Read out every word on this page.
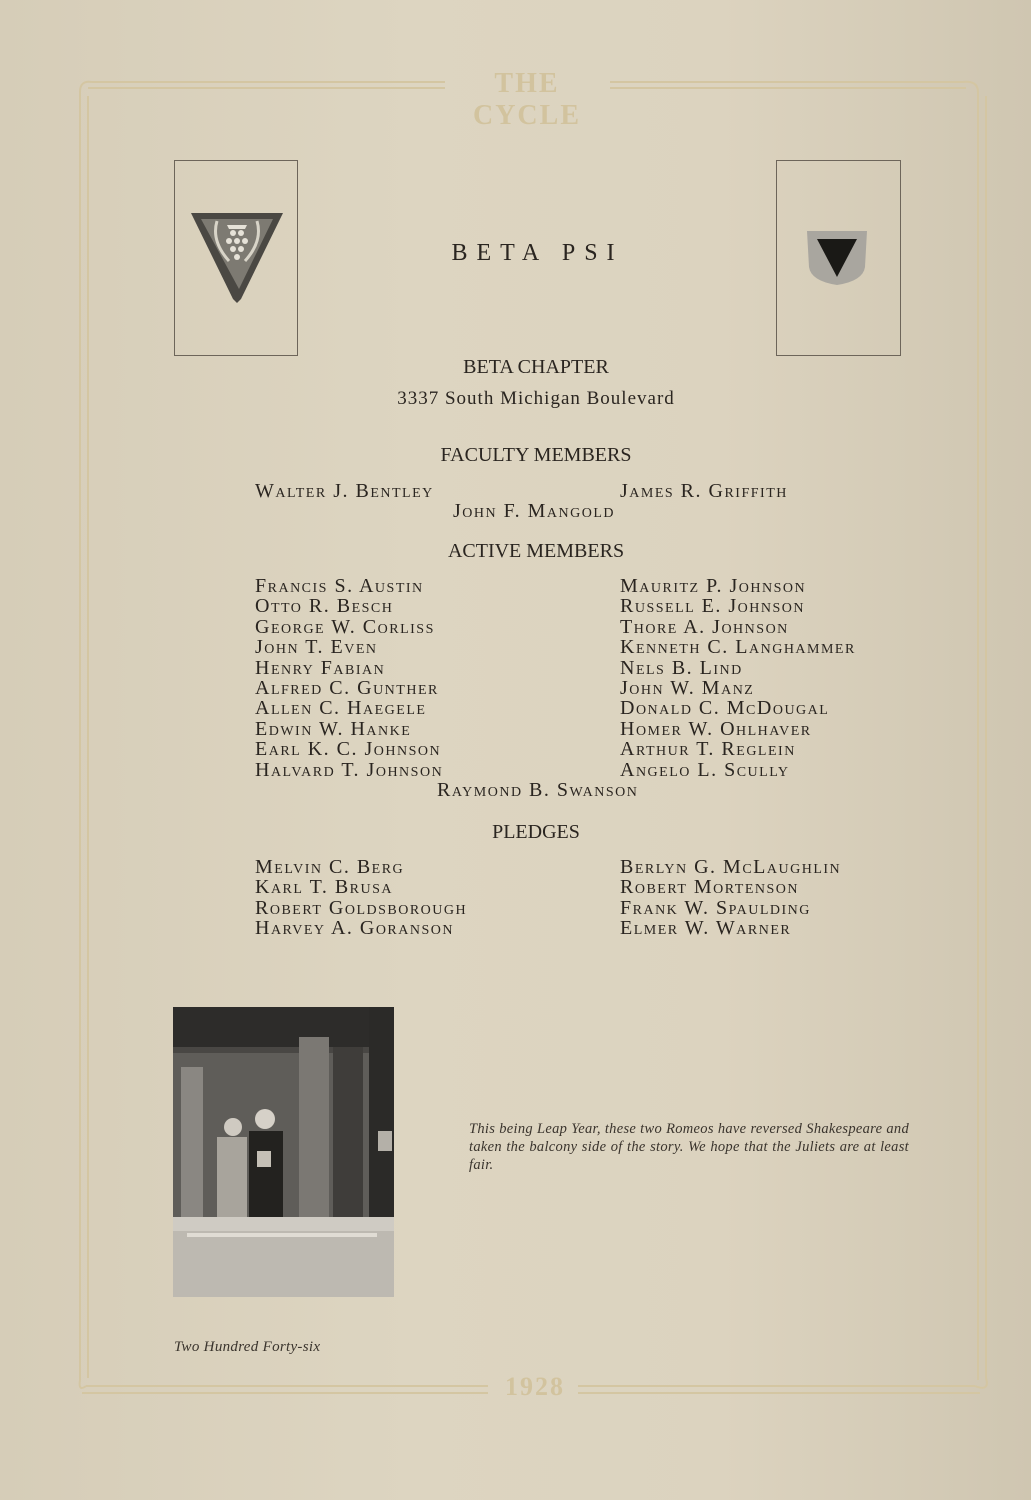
THE CYCLE
1928
BETA PSI
BETA CHAPTER
3337 South Michigan Boulevard
FACULTY MEMBERS
Walter J. Bentley	James R. Griffith
John F. Mangold
ACTIVE MEMBERS
Francis S. Austin
Otto R. Besch
George W. Corliss
John T. Even
Henry Fabian
Alfred C. Gunther
Allen C. Haegele
Edwin W. Hanke
Earl K. C. Johnson
Halvard T. Johnson
Mauritz P. Johnson
Russell E. Johnson
Thore A. Johnson
Kenneth C. Langhammer
Nels B. Lind
John W. Manz
Donald C. McDougal
Homer W. Ohlhaver
Arthur T. Reglein
Angelo L. Scully
Raymond B. Swanson
PLEDGES
Melvin C. Berg
Karl T. Brusa
Robert Goldsborough
Harvey A. Goranson
Berlyn G. McLaughlin
Robert Mortenson
Frank W. Spaulding
Elmer W. Warner
This being Leap Year, these two Romeos have reversed Shakespeare and taken the balcony side of the story. We hope that the Juliets are at least fair.
Two Hundred Forty-six
